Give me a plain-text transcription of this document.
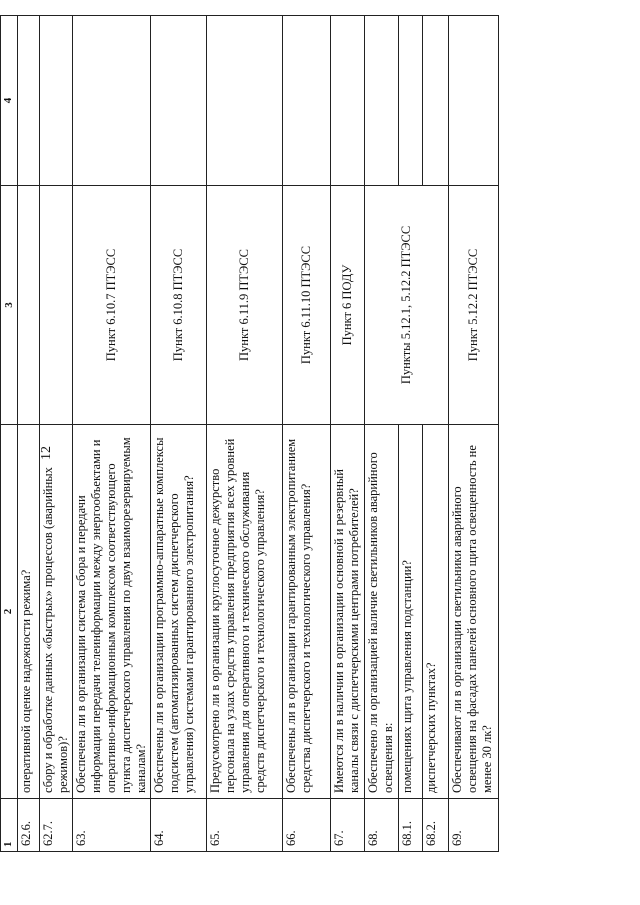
12
1	2	3	4
62.6.	оперативной оценке надежности режима?		
62.7.	сбору и обработке данных «быстрых» процессов (аварийных режимов)?		
63.	Обеспечена ли в организации система сбора и передачи информации передачи телеинформации между энергообъектами и оперативно-информационным комплексом соответствующего пункта диспетчерского управления по двум взаиморезервируемым каналам?	Пункт 6.10.7 ПТЭСС	
64.	Обеспечены ли в организации программно-аппаратные комплексы подсистем (автоматизированных систем диспетчерского управления) системами гарантированного электропитания?	Пункт 6.10.8 ПТЭСС	
65.	Предусмотрено ли в организации круглосуточное дежурство персонала на узлах средств управления предприятия всех уровней управления для оперативного и технического обслуживания средств диспетчерского и технологического управления?	Пункт 6.11.9 ПТЭСС	
66.	Обеспечены ли в организации гарантированным электропитанием средства диспетчерского и технологического управления?	Пункт 6.11.10 ПТЭСС	
67.	Имеются ли в наличии в организации основной и резервный каналы связи с диспетчерскими центрами потребителей?	Пункт 6 ПОДУ	
68.	Обеспечено ли организацией наличие светильников аварийного освещения в:	Пункты 5.12.1, 5.12.2 ПТЭСС	
68.1.	помещениях щита управления подстанции?		
68.2.	диспетчерских пунктах?		
69.	Обеспечивают ли в организации светильники аварийного освещения на фасадах панелей основного щита освещенность не менее 30 лк?	Пункт 5.12.2 ПТЭСС	
